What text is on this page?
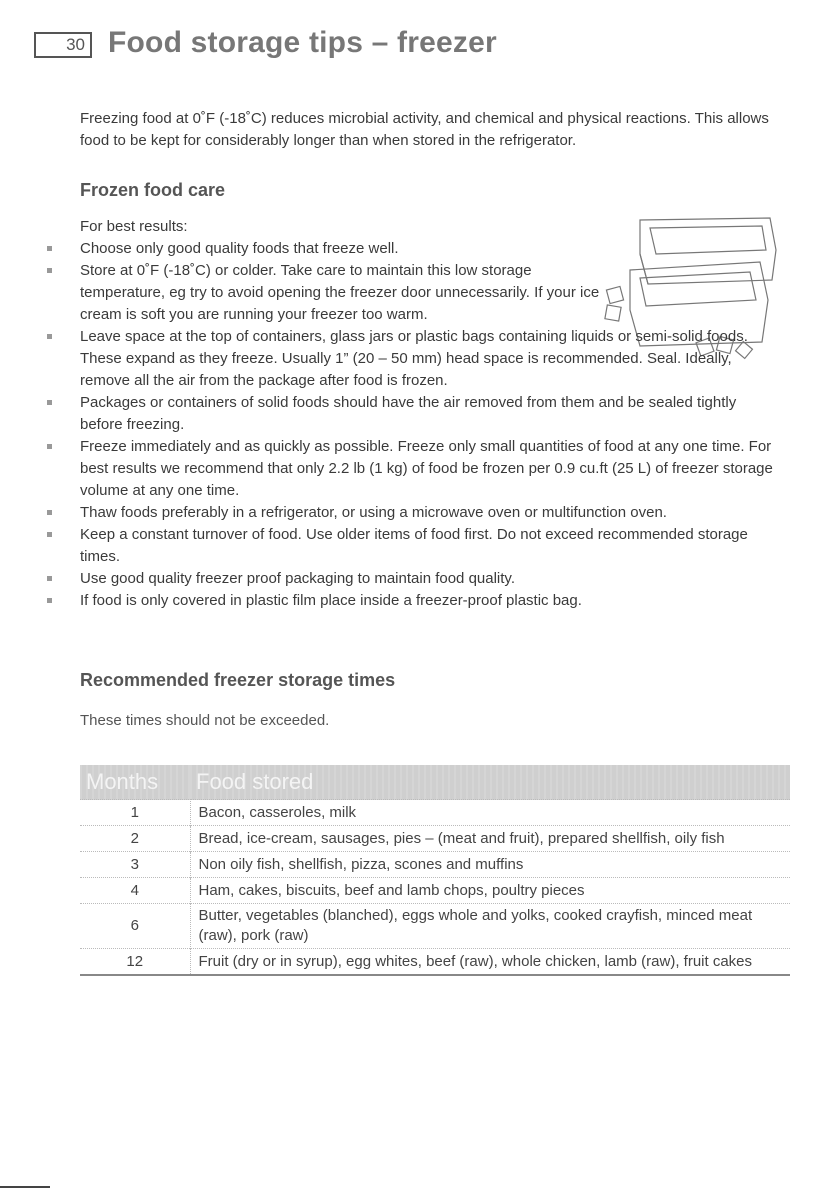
30 Food storage tips – freezer

Freezing food at 0˚F (-18˚C) reduces microbial activity, and chemical and physical reactions. This allows food to be kept for considerably longer than when stored in the refrigerator.

Frozen food care

For best results:

Choose only good quality foods that freeze well.
Store at 0˚F (-18˚C) or colder. Take care to maintain this low storage temperature, eg try to avoid opening the freezer door unnecessarily. If your ice cream is soft you are running your freezer too warm.
Leave space at the top of containers, glass jars or plastic bags containing liquids or semi-solid foods. These expand as they freeze. Usually 1” (20 – 50 mm) head space is recommended. Seal. Ideally, remove all the air from the package after food is frozen.
Packages or containers of solid foods should have the air removed from them and be sealed tightly before freezing.
Freeze immediately and as quickly as possible. Freeze only small quantities of food at any one time. For best results we recommend that only 2.2 lb (1 kg) of food be frozen per 0.9 cu.ft (25 L) of freezer storage volume at any one time.
Thaw foods preferably in a refrigerator, or using a microwave oven or multifunction oven.
Keep a constant turnover of food. Use older items of food first. Do not exceed recommended storage times.
Use good quality freezer proof packaging to maintain food quality.
If food is only covered in plastic film place inside a freezer-proof plastic bag.
Recommended freezer storage times

These times should not be exceeded.

Months	Food stored
1	Bacon, casseroles, milk
2	Bread, ice-cream, sausages, pies – (meat and fruit), prepared shellfish, oily fish
3	Non oily fish, shellfish, pizza, scones and muffins
4	Ham, cakes, biscuits, beef and lamb chops, poultry pieces
6	Butter, vegetables (blanched), eggs whole and yolks, cooked crayfish, minced meat (raw), pork (raw)
12	Fruit (dry or in syrup), egg whites, beef (raw), whole chicken, lamb (raw), fruit cakes
